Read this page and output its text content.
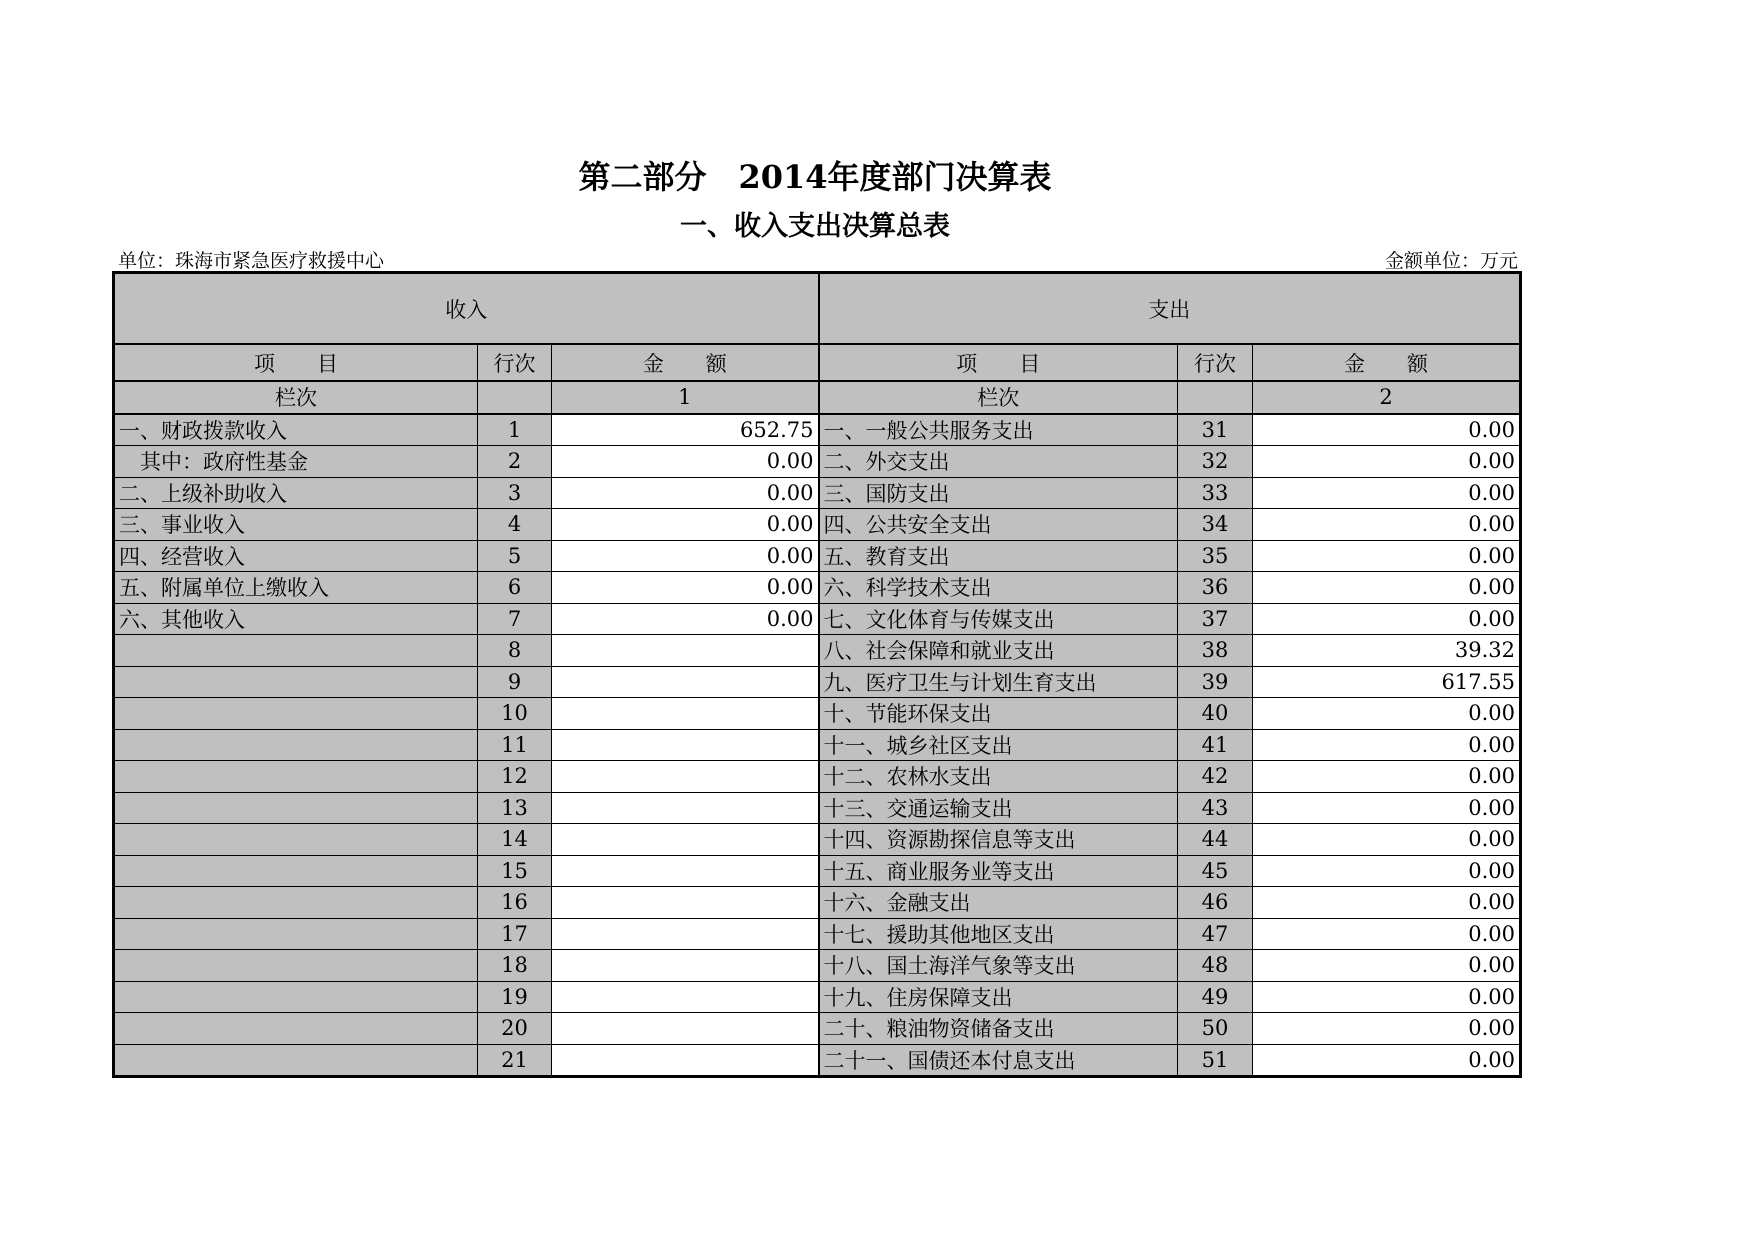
第二部分　2014年度部门决算表
一、收入支出决算总表
单位：珠海市紧急医疗救援中心	金额单位：万元
收入			支出		
项　　目	行次	金　　额	项　　目	行次	金　　额
栏次		1	栏次		2
一、财政拨款收入	1	652.75	一、一般公共服务支出	31	0.00
　其中：政府性基金	2	0.00	二、外交支出	32	0.00
二、上级补助收入	3	0.00	三、国防支出	33	0.00
三、事业收入	4	0.00	四、公共安全支出	34	0.00
四、经营收入	5	0.00	五、教育支出	35	0.00
五、附属单位上缴收入	6	0.00	六、科学技术支出	36	0.00
六、其他收入	7	0.00	七、文化体育与传媒支出	37	0.00
	8		八、社会保障和就业支出	38	39.32
	9		九、医疗卫生与计划生育支出	39	617.55
	10		十、节能环保支出	40	0.00
	11		十一、城乡社区支出	41	0.00
	12		十二、农林水支出	42	0.00
	13		十三、交通运输支出	43	0.00
	14		十四、资源勘探信息等支出	44	0.00
	15		十五、商业服务业等支出	45	0.00
	16		十六、金融支出	46	0.00
	17		十七、援助其他地区支出	47	0.00
	18		十八、国土海洋气象等支出	48	0.00
	19		十九、住房保障支出	49	0.00
	20		二十、粮油物资储备支出	50	0.00
	21		二十一、国债还本付息支出	51	0.00
